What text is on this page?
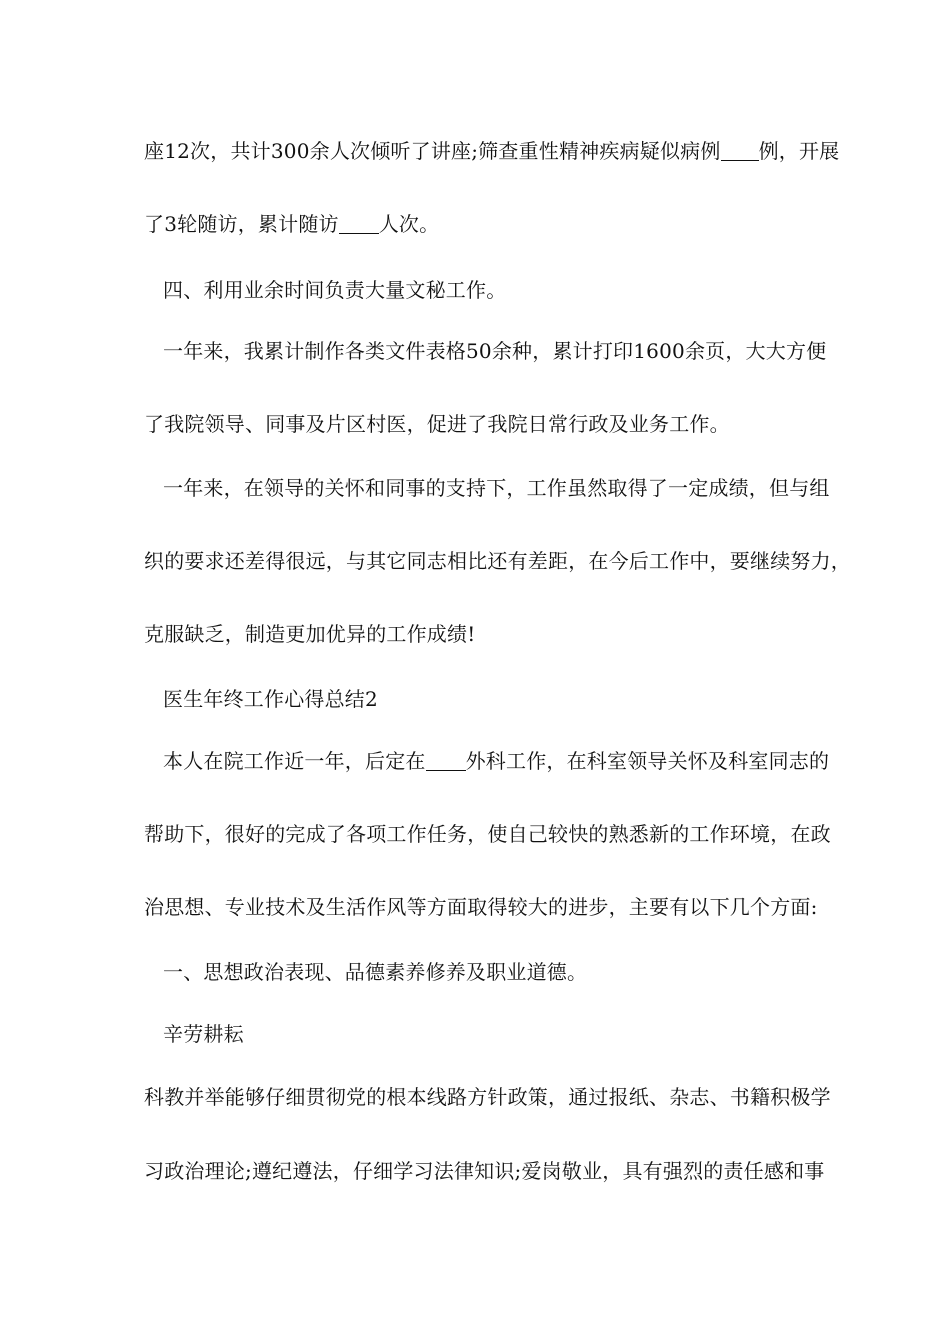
座12次，共计300余人次倾听了讲座;筛查重性精神疾病疑似病例 例，开展
了3轮随访，累计随访 人次。
四、利用业余时间负责大量文秘工作。
一年来，我累计制作各类文件表格50余种，累计打印1600余页，大大方便
了我院领导、同事及片区村医，促进了我院日常行政及业务工作。
一年来，在领导的关怀和同事的支持下，工作虽然取得了一定成绩，但与组
织的要求还差得很远，与其它同志相比还有差距，在今后工作中，要继续努力，
克服缺乏，制造更加优异的工作成绩!
医生年终工作心得总结2
本人在院工作近一年，后定在 外科工作，在科室领导关怀及科室同志的
帮助下，很好的完成了各项工作任务，使自己较快的熟悉新的工作环境，在政
治思想、专业技术及生活作风等方面取得较大的进步，主要有以下几个方面:
一、思想政治表现、品德素养修养及职业道德。
辛劳耕耘
科教并举能够仔细贯彻党的根本线路方针政策，通过报纸、杂志、书籍积极学
习政治理论;遵纪遵法，仔细学习法律知识;爱岗敬业，具有强烈的责任感和事
